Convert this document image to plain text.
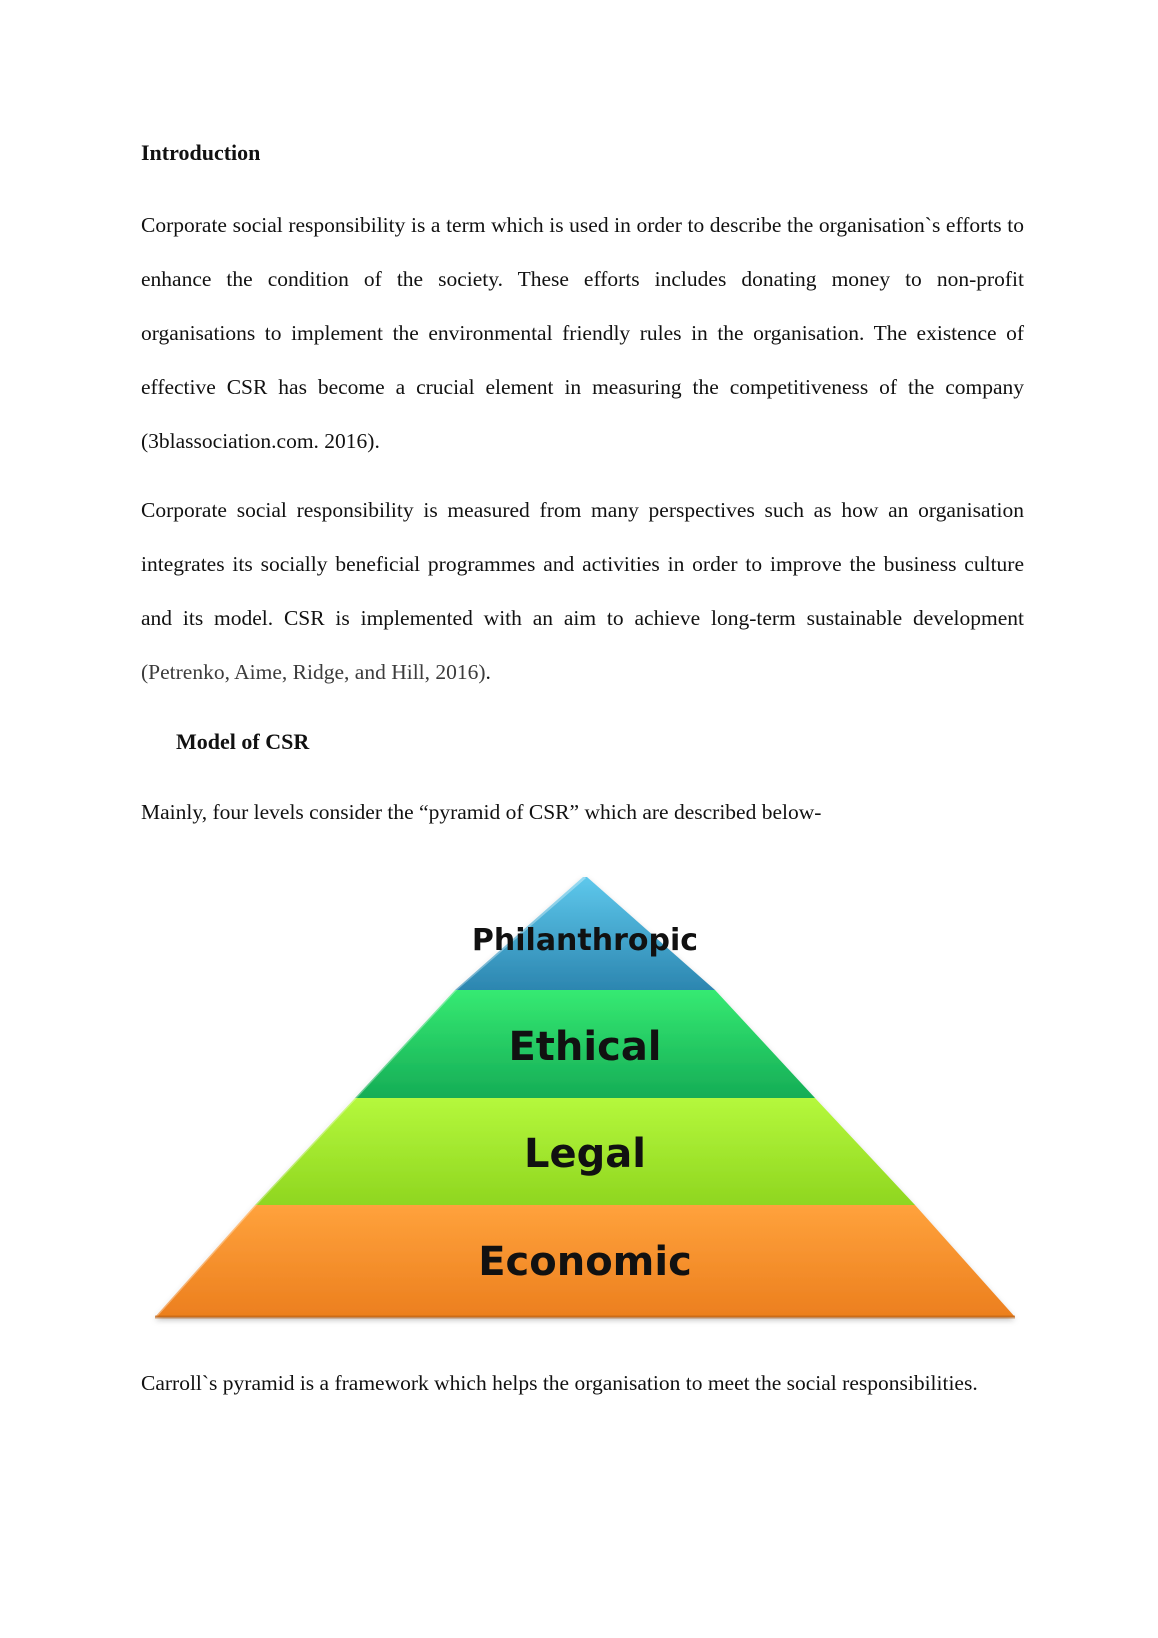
Introduction

Corporate social responsibility is a term which is used in order to describe the organisation`s efforts to enhance the condition of the society. These efforts includes donating money to non-profit organisations to implement the environmental friendly rules in the organisation. The existence of effective CSR has become a crucial element in measuring the competitiveness of the company (3blassociation.com. 2016).

Corporate social responsibility is measured from many perspectives such as how an organisation integrates its socially beneficial programmes and activities in order to improve the business culture and its model. CSR is implemented with an aim to achieve long-term sustainable development (Petrenko, Aime, Ridge, and Hill, 2016).

Model of CSR

Mainly, four levels consider the “pyramid of CSR” which are described below-

Philanthropic
Ethical
Legal
Economic

Carroll`s pyramid is a framework which helps the organisation to meet the social responsibilities.
